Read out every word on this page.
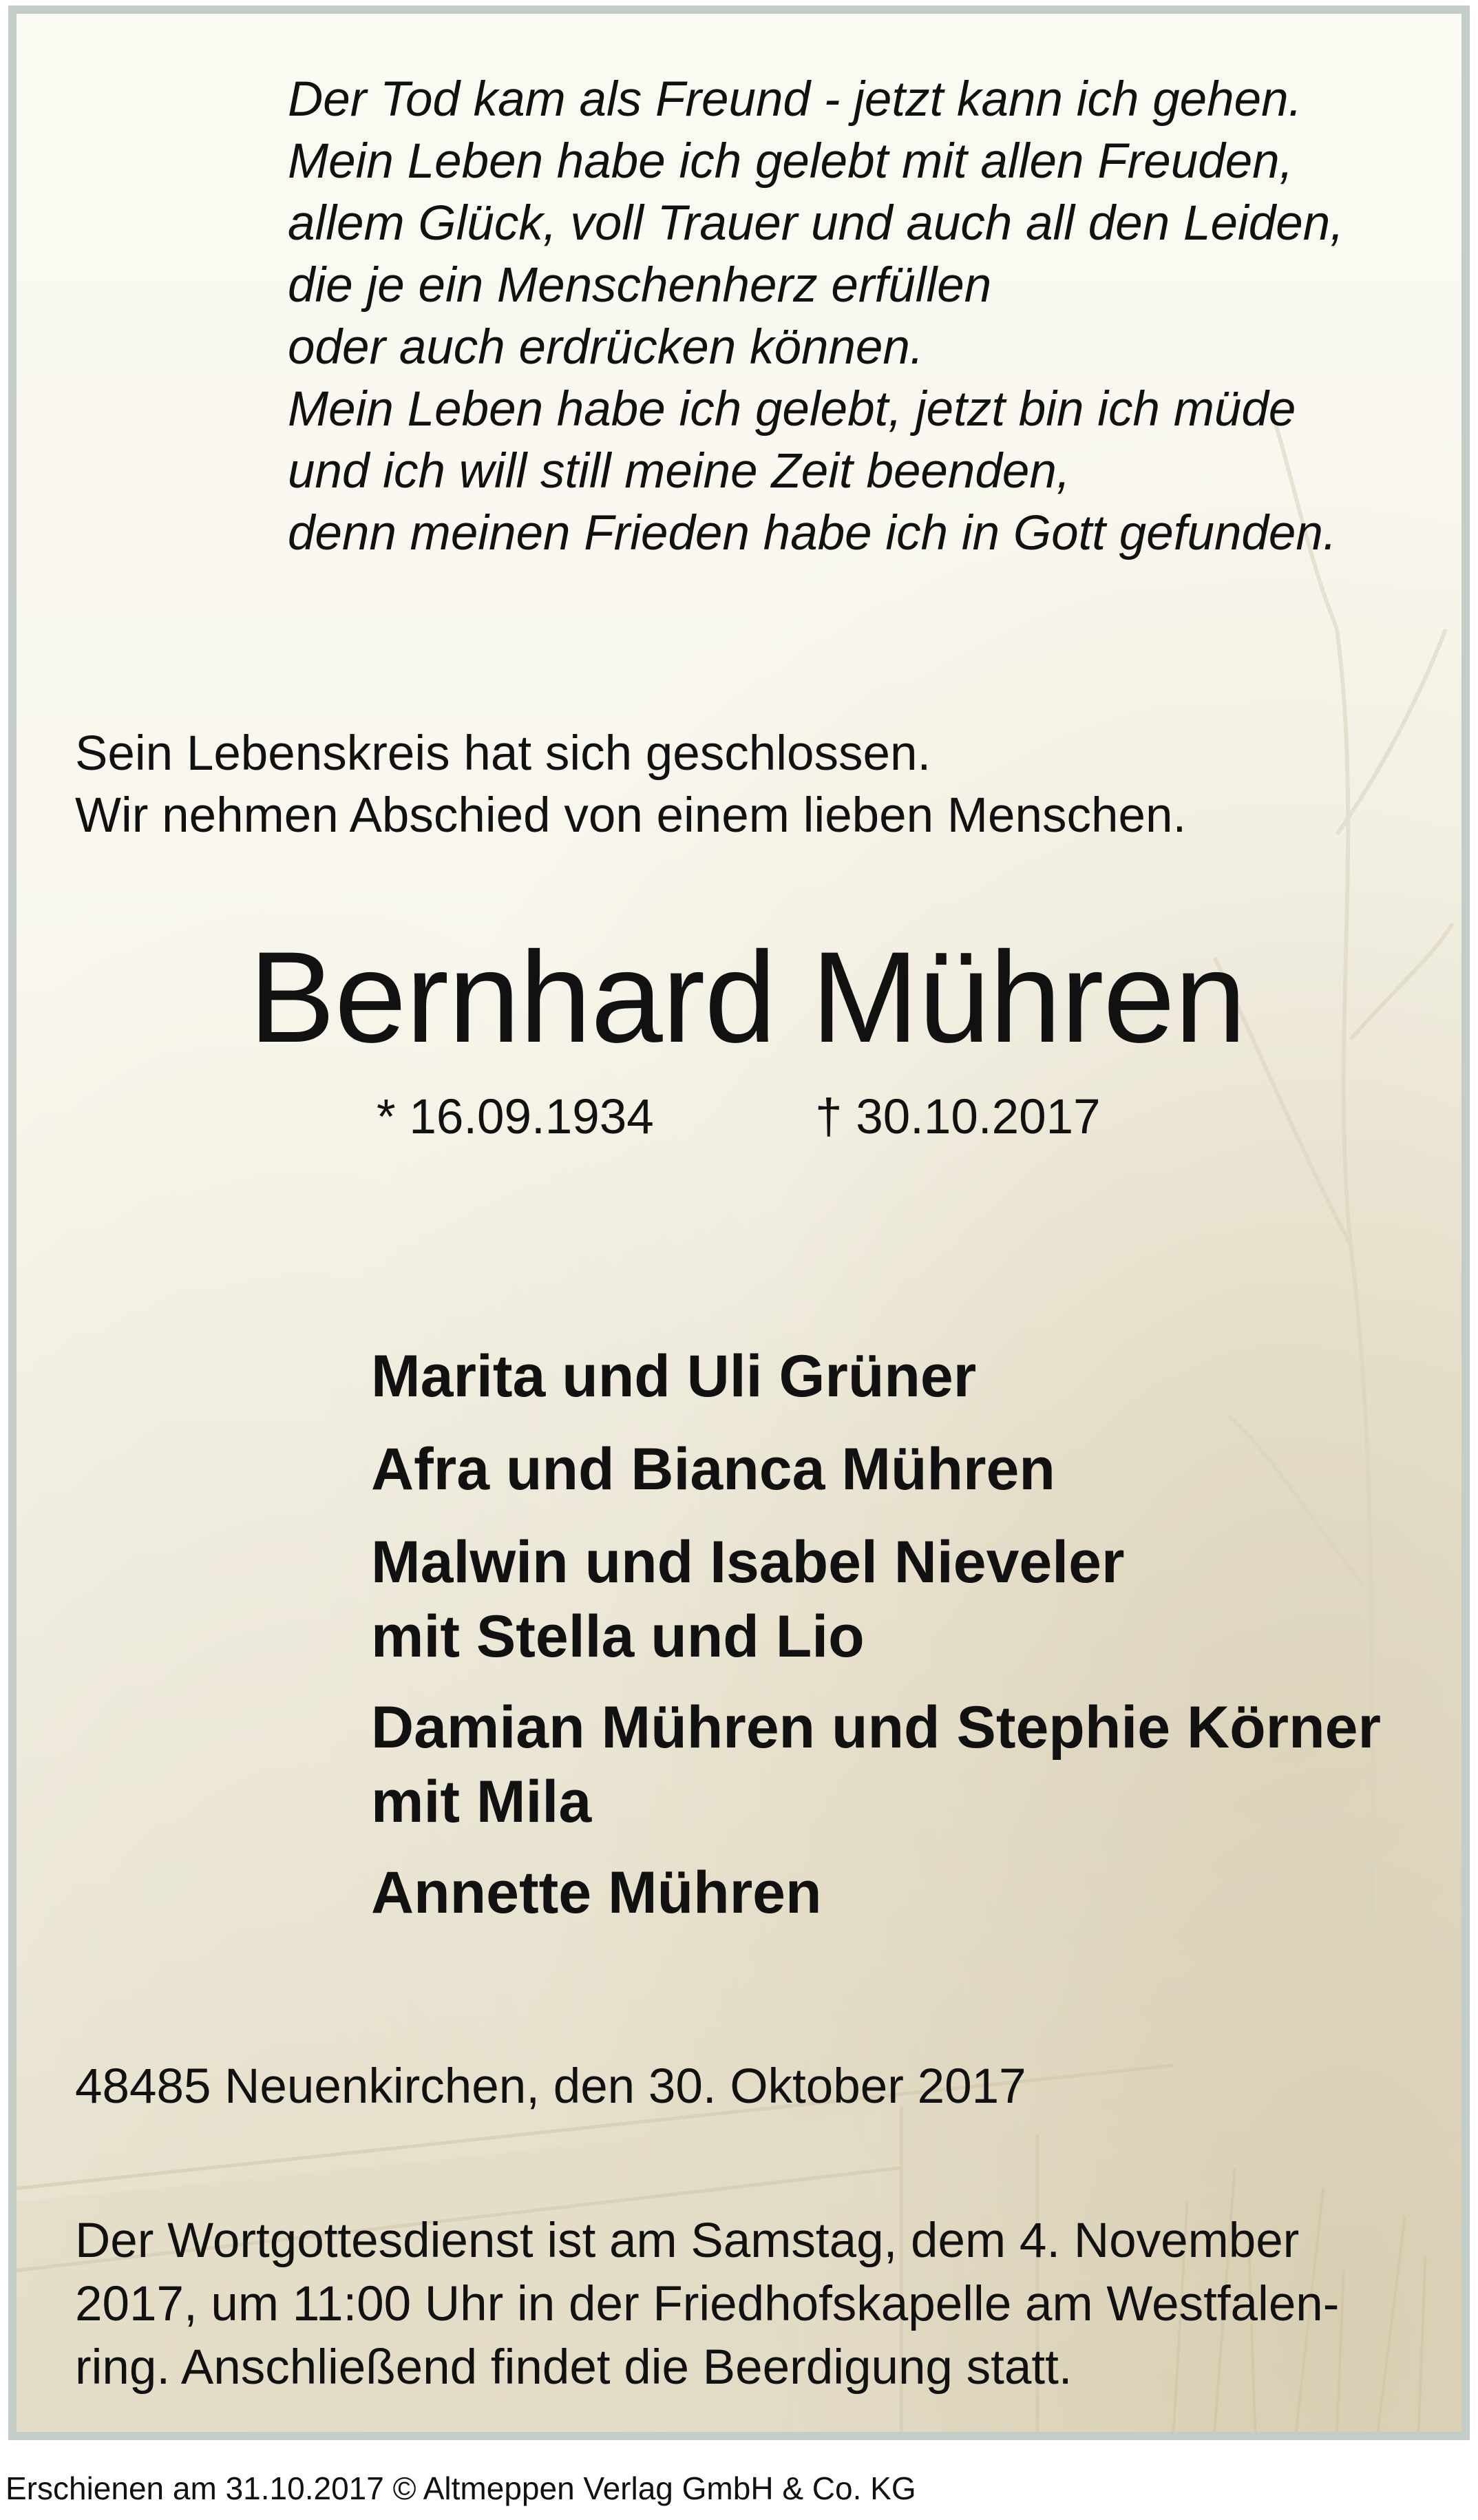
Der Tod kam als Freund - jetzt kann ich gehen.
Mein Leben habe ich gelebt mit allen Freuden,
allem Glück, voll Trauer und auch all den Leiden,
die je ein Menschenherz erfüllen
oder auch erdrücken können.
Mein Leben habe ich gelebt, jetzt bin ich müde
und ich will still meine Zeit beenden,
denn meinen Frieden habe ich in Gott gefunden.

Sein Lebenskreis hat sich geschlossen.
Wir nehmen Abschied von einem lieben Menschen.

Bernhard Mühren
* 16.09.1934	† 30.10.2017
Marita und Uli Grüner
Afra und Bianca Mühren
Malwin und Isabel Nieveler
mit Stella und Lio
Damian Mühren und Stephie Körner
mit Mila
Annette Mühren
48485 Neuenkirchen, den 30. Oktober 2017

Der Wortgottesdienst ist am Samstag, dem 4. November
2017, um 11:00 Uhr in der Friedhofskapelle am Westfalen-
ring. Anschließend findet die Beerdigung statt.

Erschienen am 31.10.2017 © Altmeppen Verlag GmbH & Co. KG
